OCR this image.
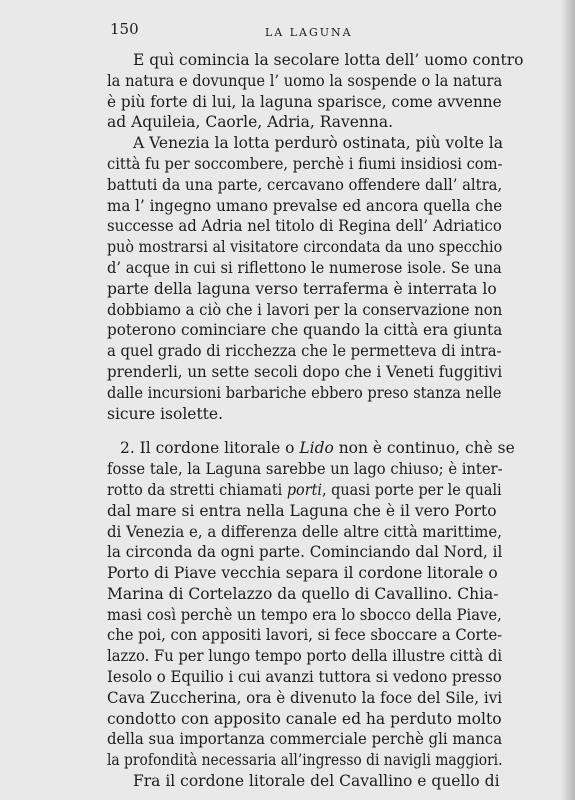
150	LA LAGUNA
E quì comincia la secolare lotta dell’ uomo contro
la natura e dovunque l’ uomo la sospende o la natura
è più forte di lui, la laguna sparisce, come avvenne
ad Aquileia, Caorle, Adria, Ravenna.
A Venezia la lotta perdurò ostinata, più volte la
città fu per soccombere, perchè i fiumi insidiosi com-
battuti da una parte, cercavano offendere dall’ altra,
ma l’ ingegno umano prevalse ed ancora quella che
successe ad Adria nel titolo di Regina dell’ Adriatico
può mostrarsi al visitatore circondata da uno specchio
d’ acque in cui si riflettono le numerose isole. Se una
parte della laguna verso terraferma è interrata lo
dobbiamo a ciò che i lavori per la conservazione non
poterono cominciare che quando la città era giunta
a quel grado di ricchezza che le permetteva di intra-
prenderli, un sette secoli dopo che i Veneti fuggitivi
dalle incursioni barbariche ebbero preso stanza nelle
sicure isolette.
2. Il cordone litorale o Lido non è continuo, chè se
fosse tale, la Laguna sarebbe un lago chiuso; è inter-
rotto da stretti chiamati porti, quasi porte per le quali
dal mare si entra nella Laguna che è il vero Porto
di Venezia e, a differenza delle altre città marittime,
la circonda da ogni parte. Cominciando dal Nord, il
Porto di Piave vecchia separa il cordone litorale o
Marina di Cortelazzo da quello di Cavallino. Chia-
masi così perchè un tempo era lo sbocco della Piave,
che poi, con appositi lavori, si fece sboccare a Corte-
lazzo. Fu per lungo tempo porto della illustre città di
Iesolo o Equilio i cui avanzi tuttora si vedono presso
Cava Zuccherina, ora è divenuto la foce del Sile, ivi
condotto con apposito canale ed ha perduto molto
della sua importanza commerciale perchè gli manca
la profondità necessaria all’ingresso di navigli maggiori.
Fra il cordone litorale del Cavallino e quello di
